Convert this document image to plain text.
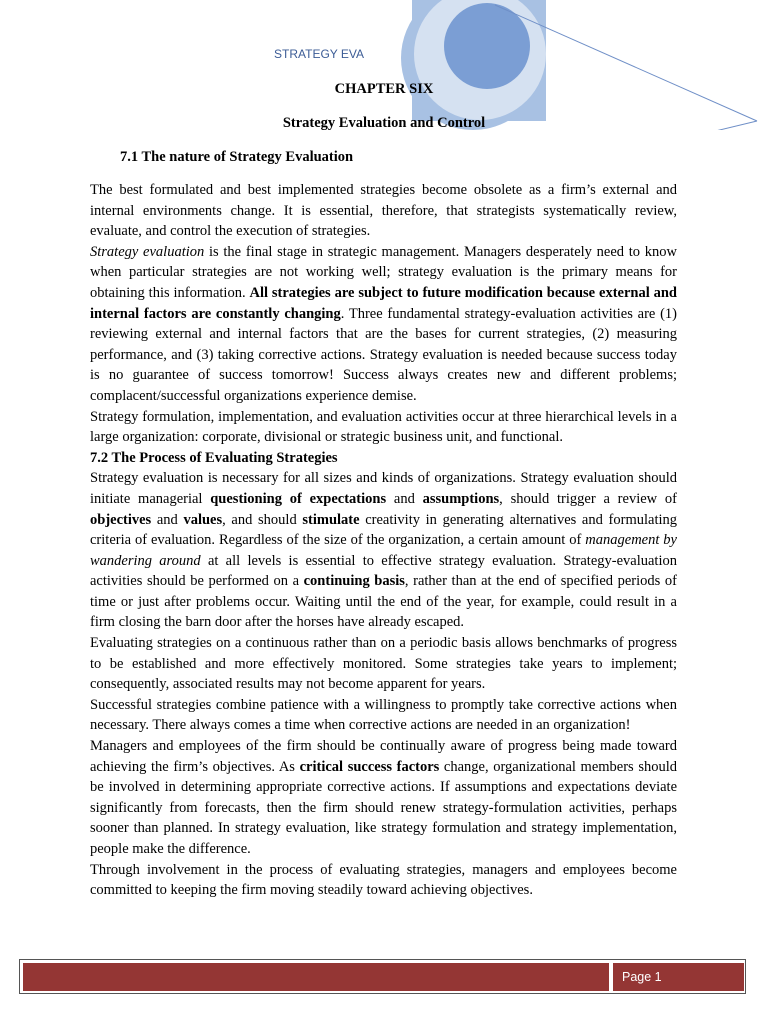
STRATEGY EVA
CHAPTER SIX
Strategy Evaluation and Control
7.1 The nature of Strategy Evaluation

The best formulated and best implemented strategies become obsolete as a firm’s external and internal environments change. It is essential, therefore, that strategists systematically review, evaluate, and control the execution of strategies.

Strategy evaluation is the final stage in strategic management. Managers desperately need to know when particular strategies are not working well; strategy evaluation is the primary means for obtaining this information. All strategies are subject to future modification because external and internal factors are constantly changing. Three fundamental strategy-evaluation activities are (1) reviewing external and internal factors that are the bases for current strategies, (2) measuring performance, and (3) taking corrective actions. Strategy evaluation is needed because success today is no guarantee of success tomorrow! Success always creates new and different problems; complacent/successful organizations experience demise.

Strategy formulation, implementation, and evaluation activities occur at three hierarchical levels in a large organization: corporate, divisional or strategic business unit, and functional.

7.2 The Process of Evaluating Strategies

Strategy evaluation is necessary for all sizes and kinds of organizations. Strategy evaluation should initiate managerial questioning of expectations and assumptions, should trigger a review of objectives and values, and should stimulate creativity in generating alternatives and formulating criteria of evaluation. Regardless of the size of the organization, a certain amount of management by wandering around at all levels is essential to effective strategy evaluation. Strategy-evaluation activities should be performed on a continuing basis, rather than at the end of specified periods of time or just after problems occur. Waiting until the end of the year, for example, could result in a firm closing the barn door after the horses have already escaped.

Evaluating strategies on a continuous rather than on a periodic basis allows benchmarks of progress to be established and more effectively monitored. Some strategies take years to implement; consequently, associated results may not become apparent for years.

Successful strategies combine patience with a willingness to promptly take corrective actions when necessary. There always comes a time when corrective actions are needed in an organization!

Managers and employees of the firm should be continually aware of progress being made toward achieving the firm’s objectives. As critical success factors change, organizational members should be involved in determining appropriate corrective actions. If assumptions and expectations deviate significantly from forecasts, then the firm should renew strategy-formulation activities, perhaps sooner than planned. In strategy evaluation, like strategy formulation and strategy implementation, people make the difference.

Through involvement in the process of evaluating strategies, managers and employees become committed to keeping the firm moving steadily toward achieving objectives.

Page 1
